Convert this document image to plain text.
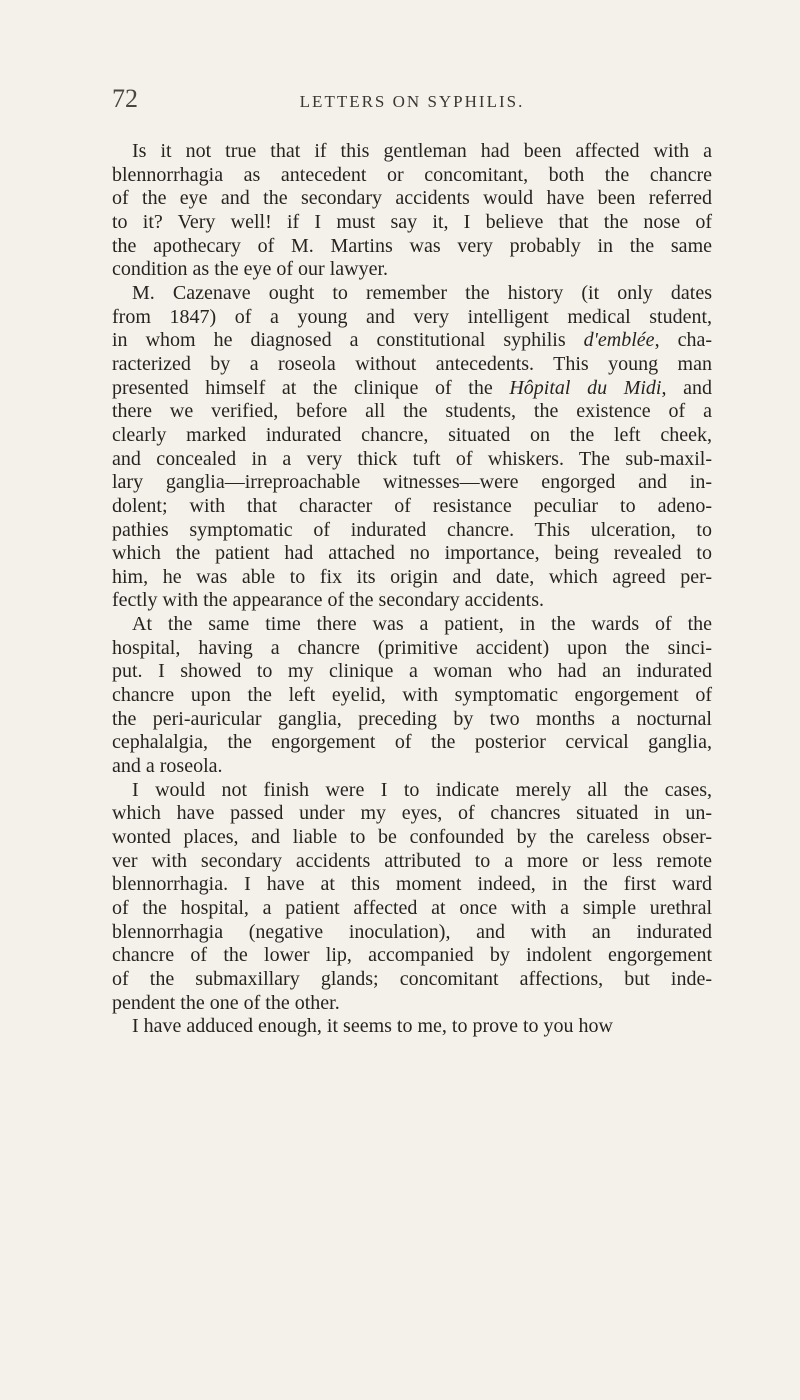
72	LETTERS ON SYPHILIS.
Is it not true that if this gentleman had been affected with a
blennorrhagia as antecedent or concomitant, both the chancre
of the eye and the secondary accidents would have been referred
to it? Very well! if I must say it, I believe that the nose of
the apothecary of M. Martins was very probably in the same
condition as the eye of our lawyer.
M. Cazenave ought to remember the history (it only dates
from 1847) of a young and very intelligent medical student,
in whom he diagnosed a constitutional syphilis d'emblée, cha-
racterized by a roseola without antecedents. This young man
presented himself at the clinique of the Hôpital du Midi, and
there we verified, before all the students, the existence of a
clearly marked indurated chancre, situated on the left cheek,
and concealed in a very thick tuft of whiskers. The sub-maxil-
lary ganglia—irreproachable witnesses—were engorged and in-
dolent; with that character of resistance peculiar to adeno-
pathies symptomatic of indurated chancre. This ulceration, to
which the patient had attached no importance, being revealed to
him, he was able to fix its origin and date, which agreed per-
fectly with the appearance of the secondary accidents.
At the same time there was a patient, in the wards of the
hospital, having a chancre (primitive accident) upon the sinci-
put. I showed to my clinique a woman who had an indurated
chancre upon the left eyelid, with symptomatic engorgement of
the peri-auricular ganglia, preceding by two months a nocturnal
cephalalgia, the engorgement of the posterior cervical ganglia,
and a roseola.
I would not finish were I to indicate merely all the cases,
which have passed under my eyes, of chancres situated in un-
wonted places, and liable to be confounded by the careless obser-
ver with secondary accidents attributed to a more or less remote
blennorrhagia. I have at this moment indeed, in the first ward
of the hospital, a patient affected at once with a simple urethral
blennorrhagia (negative inoculation), and with an indurated
chancre of the lower lip, accompanied by indolent engorgement
of the submaxillary glands; concomitant affections, but inde-
pendent the one of the other.
I have adduced enough, it seems to me, to prove to you how
